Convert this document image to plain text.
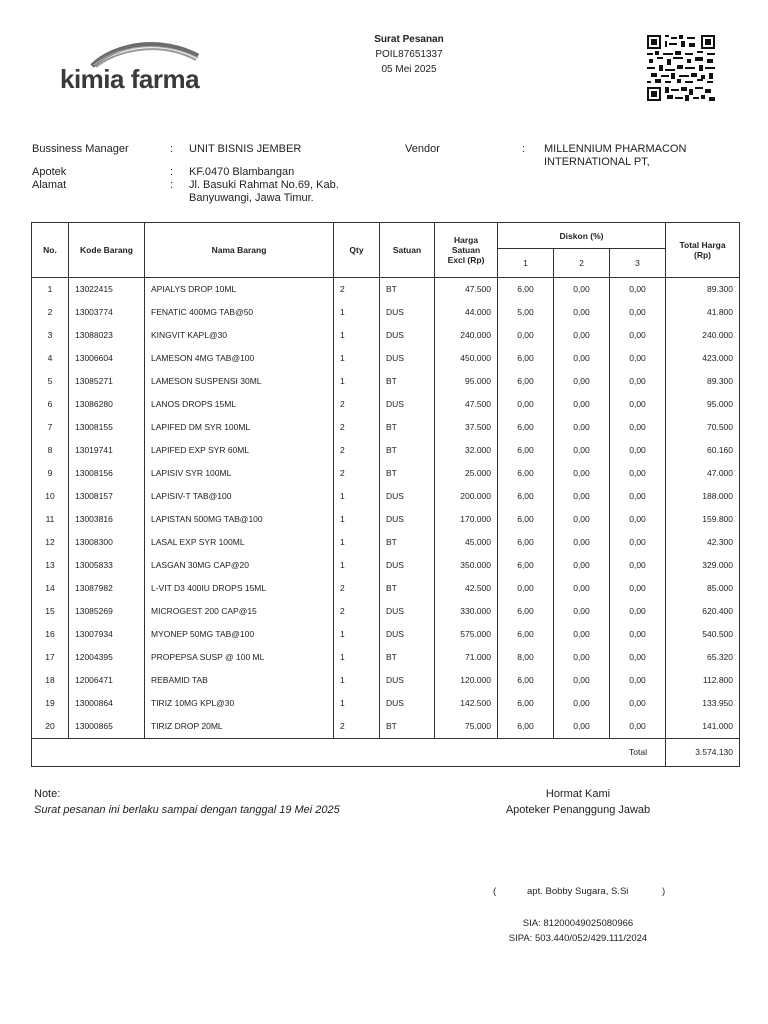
kimia farma
Surat Pesanan
POIL87651337
05 Mei 2025
Bussiness Manager	: UNIT BISNIS JEMBER
Apotek	: KF.0470 Blambangan
Alamat	: Jl. Basuki Rahmat No.69, Kab. Banyuwangi, Jawa Timur.
Vendor	: MILLENNIUM PHARMACON INTERNATIONAL PT,
No.	Kode Barang	Nama Barang	Qty	Satuan	Harga Satuan Excl (Rp)	Diskon (%)			Total Harga (Rp)
						1	2	3	
1	13022415	APIALYS DROP 10ML	2	BT	47.500	6,00	0,00	0,00	89.300
2	13003774	FENATIC 400MG TAB@50	1	DUS	44.000	5,00	0,00	0,00	41.800
3	13088023	KINGVIT KAPL@30	1	DUS	240.000	0,00	0,00	0,00	240.000
4	13006604	LAMESON 4MG TAB@100	1	DUS	450.000	6,00	0,00	0,00	423.000
5	13085271	LAMESON SUSPENSI 30ML	1	BT	95.000	6,00	0,00	0,00	89.300
6	13086280	LANOS DROPS 15ML	2	DUS	47.500	0,00	0,00	0,00	95.000
7	13008155	LAPIFED DM SYR 100ML	2	BT	37.500	6,00	0,00	0,00	70.500
8	13019741	LAPIFED EXP SYR 60ML	2	BT	32.000	6,00	0,00	0,00	60.160
9	13008156	LAPISIV SYR 100ML	2	BT	25.000	6,00	0,00	0,00	47.000
10	13008157	LAPISIV-T TAB@100	1	DUS	200.000	6,00	0,00	0,00	188.000
11	13003816	LAPISTAN 500MG TAB@100	1	DUS	170.000	6,00	0,00	0,00	159.800
12	13008300	LASAL EXP SYR 100ML	1	BT	45.000	6,00	0,00	0,00	42.300
13	13005833	LASGAN 30MG CAP@20	1	DUS	350.000	6,00	0,00	0,00	329.000
14	13087982	L-VIT D3 400IU DROPS 15ML	2	BT	42.500	0,00	0,00	0,00	85.000
15	13085269	MICROGEST 200 CAP@15	2	DUS	330.000	6,00	0,00	0,00	620.400
16	13007934	MYONEP 50MG TAB@100	1	DUS	575.000	6,00	0,00	0,00	540.500
17	12004395	PROPEPSA SUSP @ 100 ML	1	BT	71.000	8,00	0,00	0,00	65.320
18	12006471	REBAMID TAB	1	DUS	120.000	6,00	0,00	0,00	112.800
19	13000864	TIRIZ 10MG KPL@30	1	DUS	142.500	6,00	0,00	0,00	133.950
20	13000865	TIRIZ DROP 20ML	2	BT	75.000	6,00	0,00	0,00	141.000

Total									3.574.130
Note:
Surat pesanan ini berlaku sampai dengan tanggal 19 Mei 2025
Hormat Kami
Apoteker Penanggung Jawab
(	apt. Bobby Sugara, S.Si	)
SIA: 81200049025080966
SIPA: 503.440/052/429.111/2024
